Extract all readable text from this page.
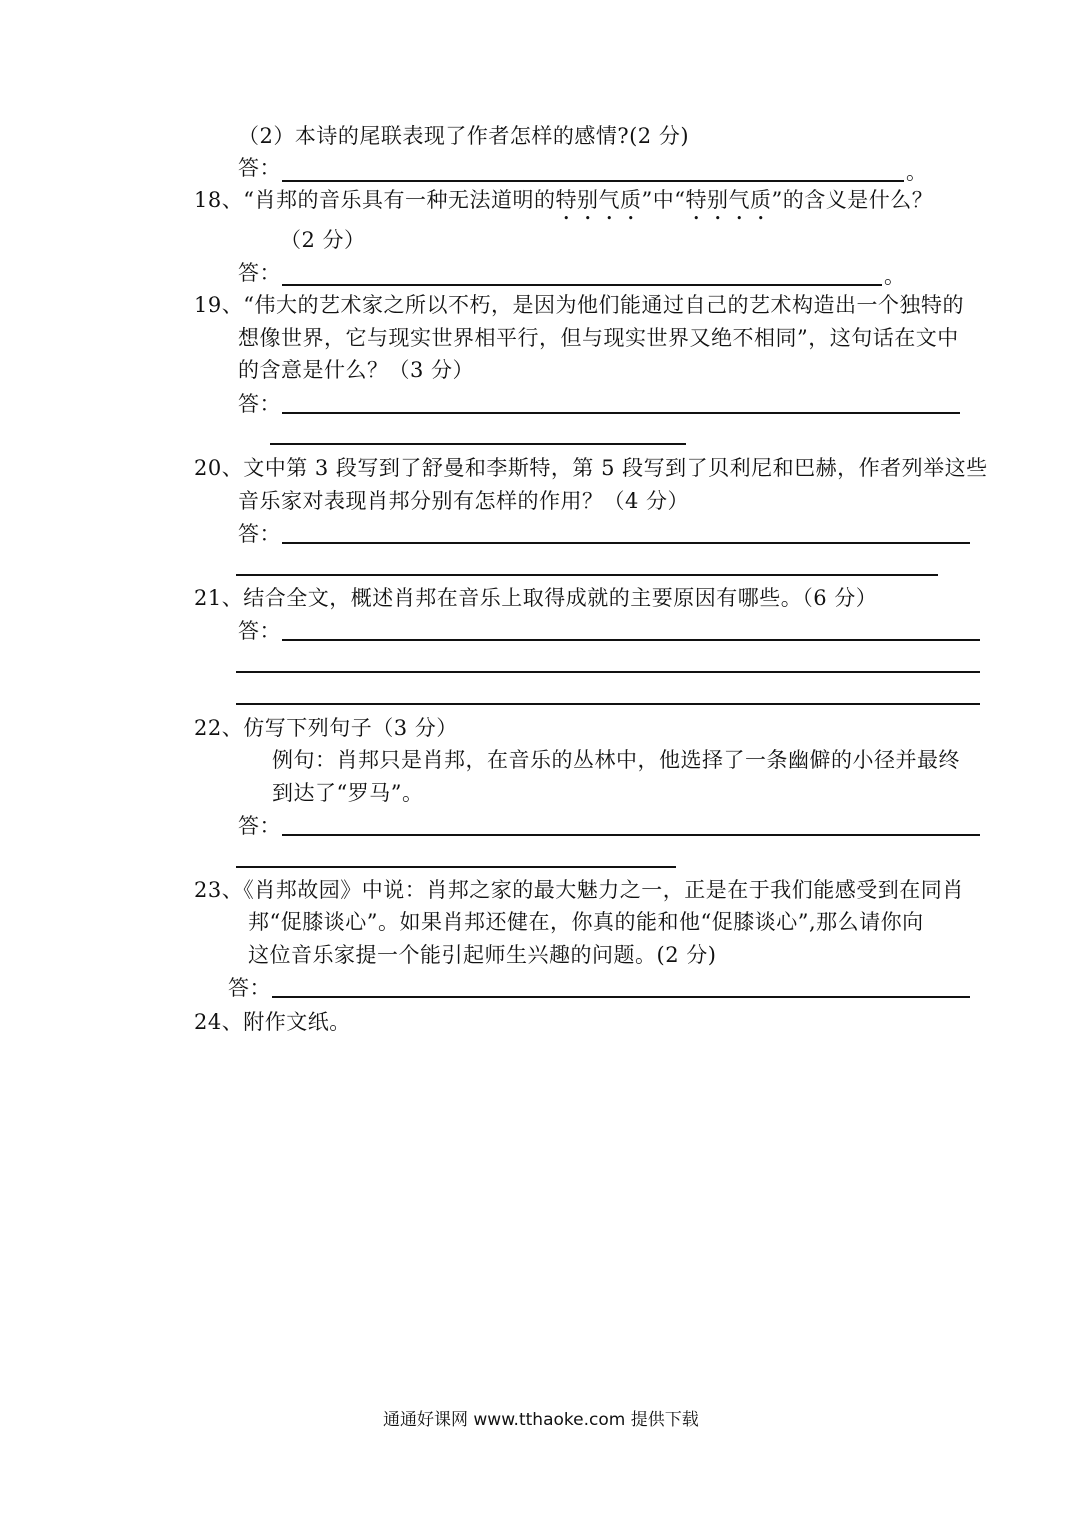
（2）本诗的尾联表现了作者怎样的感情?(2 分)
答：	。
18、“肖邦的音乐具有一种无法道明的特别气质”中“特别气质”的含义是什么？
（2 分）
答：	。
19、“伟大的艺术家之所以不朽，是因为他们能通过自己的艺术构造出一个独特的
想像世界，它与现实世界相平行，但与现实世界又绝不相同”，这句话在文中
的含意是什么？（3 分）
答：
20、文中第 3 段写到了舒曼和李斯特，第 5 段写到了贝利尼和巴赫，作者列举这些
音乐家对表现肖邦分别有怎样的作用？（4 分）
答：
21、结合全文，概述肖邦在音乐上取得成就的主要原因有哪些。（6 分）
答：
22、仿写下列句子（3 分）
例句：肖邦只是肖邦，在音乐的丛林中，他选择了一条幽僻的小径并最终
到达了“罗马”。
答：
23、《肖邦故园》中说：肖邦之家的最大魅力之一，正是在于我们能感受到在同肖
邦“促膝谈心”。如果肖邦还健在，你真的能和他“促膝谈心”,那么请你向
这位音乐家提一个能引起师生兴趣的问题。(2 分)
答：
24、附作文纸。
通通好课网 www.tthaoke.com 提供下载
